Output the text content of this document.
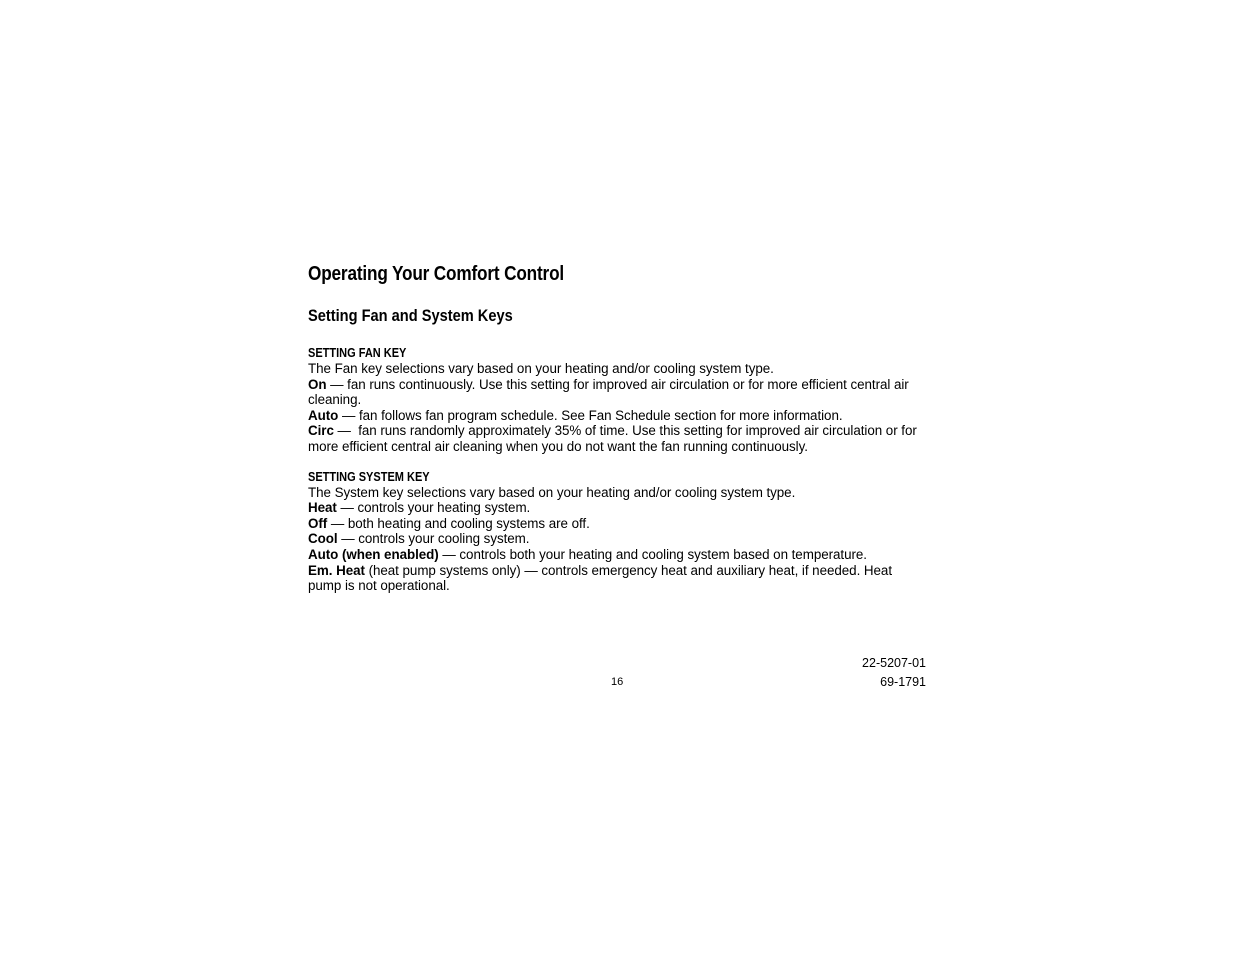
Operating Your Comfort Control
Setting Fan and System Keys
SETTING FAN KEY

The Fan key selections vary based on your heating and/or cooling system type.

On — fan runs continuously. Use this setting for improved air circulation or for more efficient central air cleaning.

Auto — fan follows fan program schedule. See Fan Schedule section for more information.

Circ —  fan runs randomly approximately 35% of time. Use this setting for improved air circulation or for more efficient central air cleaning when you do not want the fan running continuously.

SETTING SYSTEM KEY

The System key selections vary based on your heating and/or cooling system type.

Heat — controls your heating system.

Off — both heating and cooling systems are off.

Cool — controls your cooling system.

Auto (when enabled) — controls both your heating and cooling system based on temperature.

Em. Heat (heat pump systems only) — controls emergency heat and auxiliary heat, if needed. Heat pump is not operational.

16
22-5207-01
69-1791
